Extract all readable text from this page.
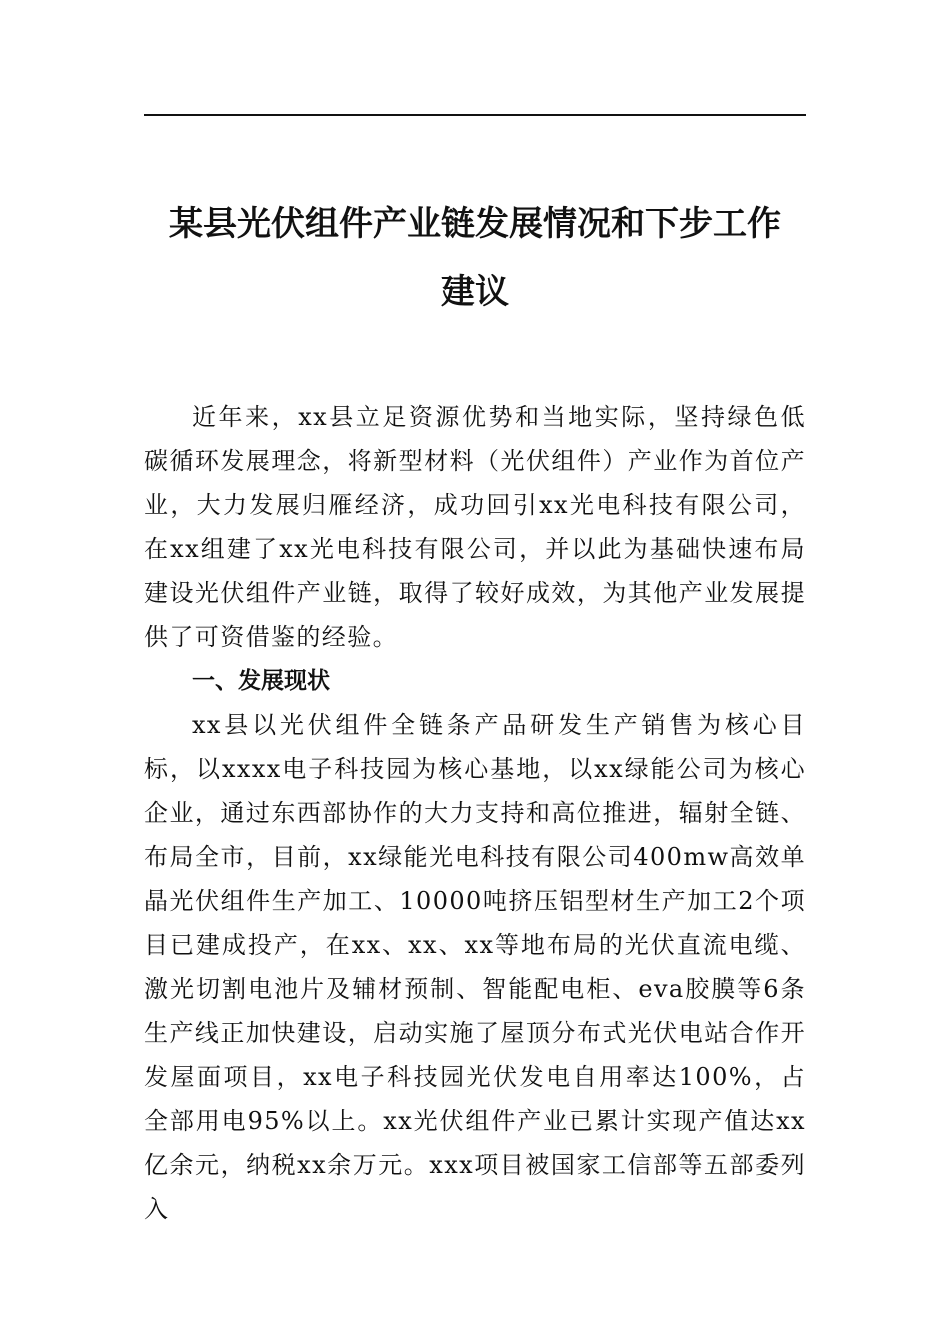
某县光伏组件产业链发展情况和下步工作
建议

近年来，xx县立足资源优势和当地实际，坚持绿色低碳循环发展理念，将新型材料（光伏组件）产业作为首位产业，大力发展归雁经济，成功回引xx光电科技有限公司，在xx组建了xx光电科技有限公司，并以此为基础快速布局建设光伏组件产业链，取得了较好成效，为其他产业发展提供了可资借鉴的经验。

一、发展现状

xx县以光伏组件全链条产品研发生产销售为核心目标，以xxxx电子科技园为核心基地，以xx绿能公司为核心企业，通过东西部协作的大力支持和高位推进，辐射全链、布局全市，目前，xx绿能光电科技有限公司400mw高效单晶光伏组件生产加工、10000吨挤压铝型材生产加工2个项目已建成投产，在xx、xx、xx等地布局的光伏直流电缆、激光切割电池片及辅材预制、智能配电柜、eva胶膜等6条生产线正加快建设，启动实施了屋顶分布式光伏电站合作开发屋面项目，xx电子科技园光伏发电自用率达100%，占全部用电95%以上。xx光伏组件产业已累计实现产值达xx亿余元，纳税xx余万元。xxx项目被国家工信部等五部委列入
